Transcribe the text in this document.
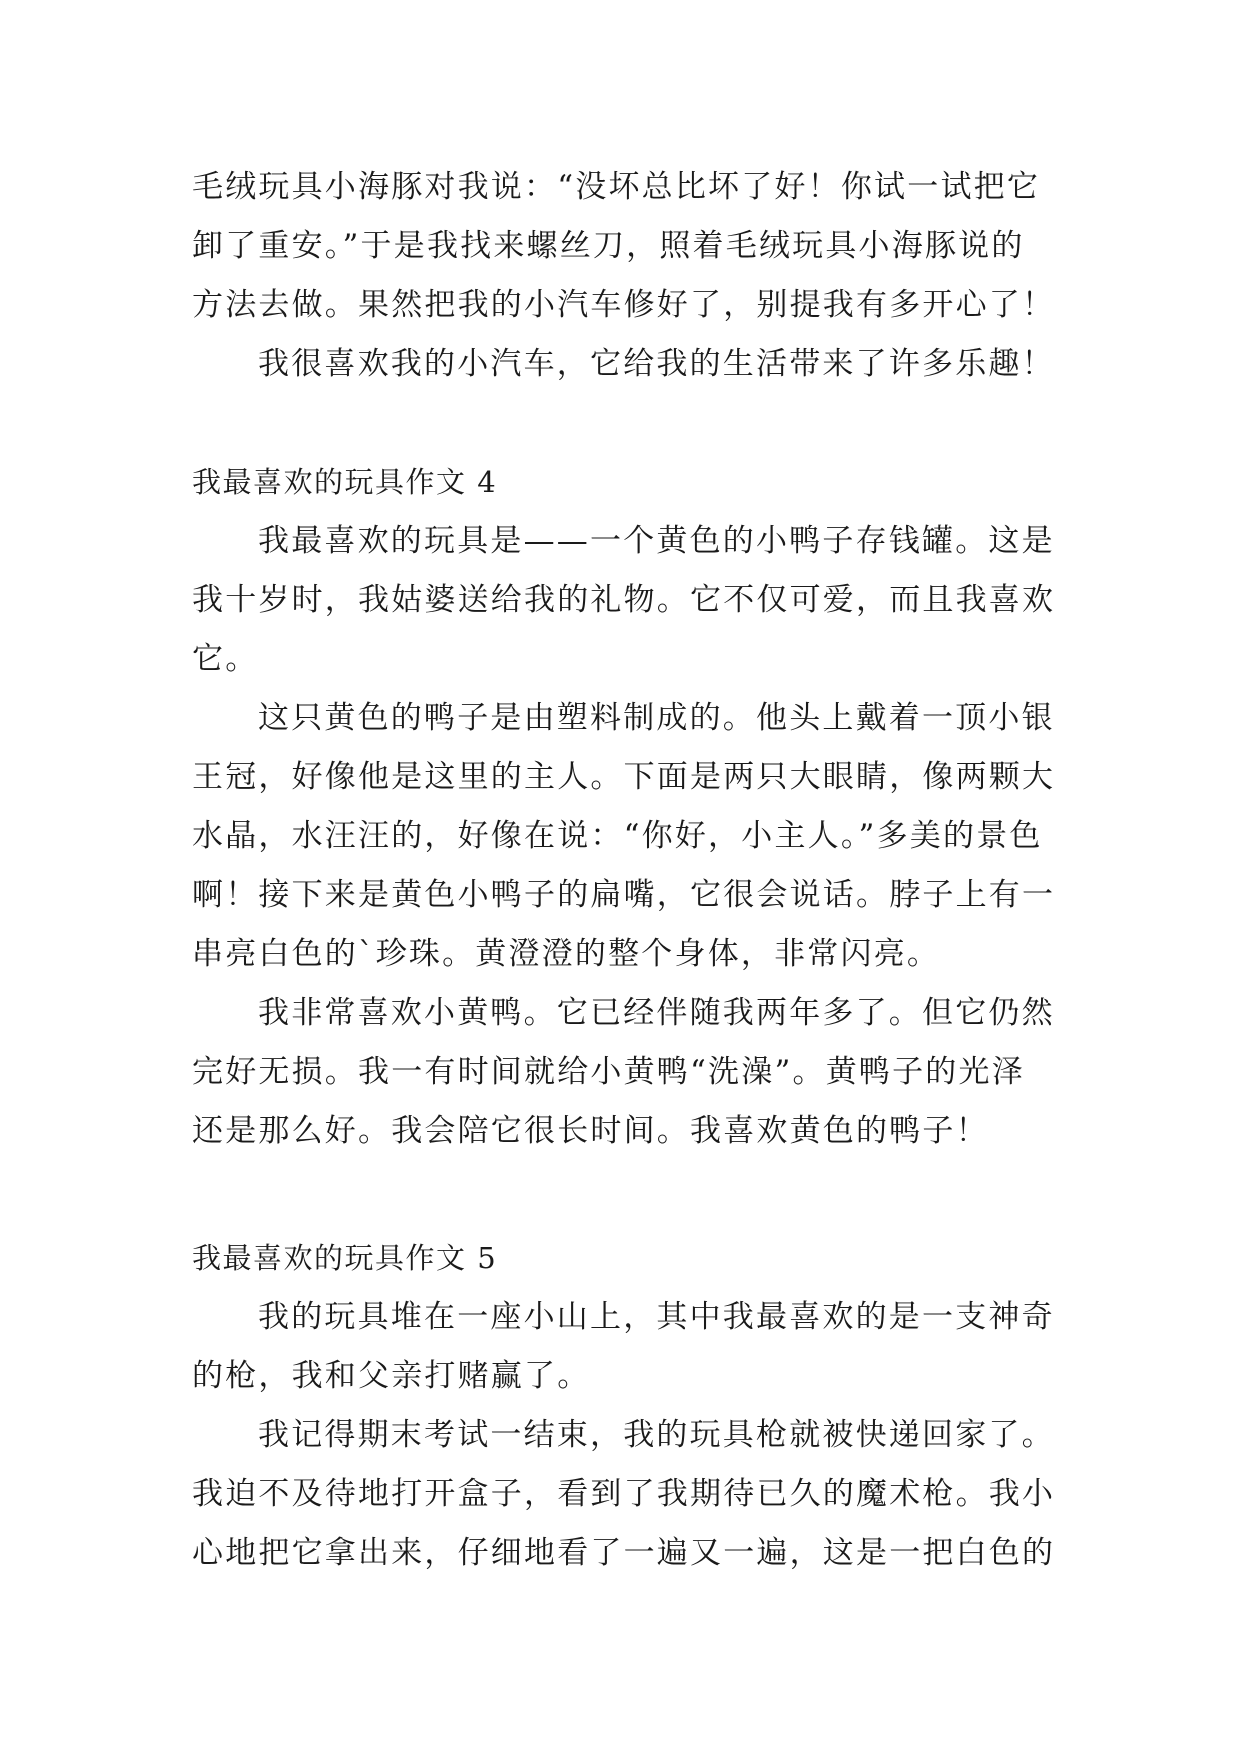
毛绒玩具小海豚对我说：“没坏总比坏了好！你试一试把它
卸了重安。”于是我找来螺丝刀，照着毛绒玩具小海豚说的
方法去做。果然把我的小汽车修好了，别提我有多开心了！
我很喜欢我的小汽车，它给我的生活带来了许多乐趣！
我最喜欢的玩具作文 4
我最喜欢的玩具是——一个黄色的小鸭子存钱罐。这是
我十岁时，我姑婆送给我的礼物。它不仅可爱，而且我喜欢
它。
这只黄色的鸭子是由塑料制成的。他头上戴着一顶小银
王冠，好像他是这里的主人。下面是两只大眼睛，像两颗大
水晶，水汪汪的，好像在说：“你好，小主人。”多美的景色
啊！接下来是黄色小鸭子的扁嘴，它很会说话。脖子上有一
串亮白色的`珍珠。黄澄澄的整个身体，非常闪亮。
我非常喜欢小黄鸭。它已经伴随我两年多了。但它仍然
完好无损。我一有时间就给小黄鸭“洗澡”。黄鸭子的光泽
还是那么好。我会陪它很长时间。我喜欢黄色的鸭子！
我最喜欢的玩具作文 5
我的玩具堆在一座小山上，其中我最喜欢的是一支神奇
的枪，我和父亲打赌赢了。
我记得期末考试一结束，我的玩具枪就被快递回家了。
我迫不及待地打开盒子，看到了我期待已久的魔术枪。我小
心地把它拿出来，仔细地看了一遍又一遍，这是一把白色的
